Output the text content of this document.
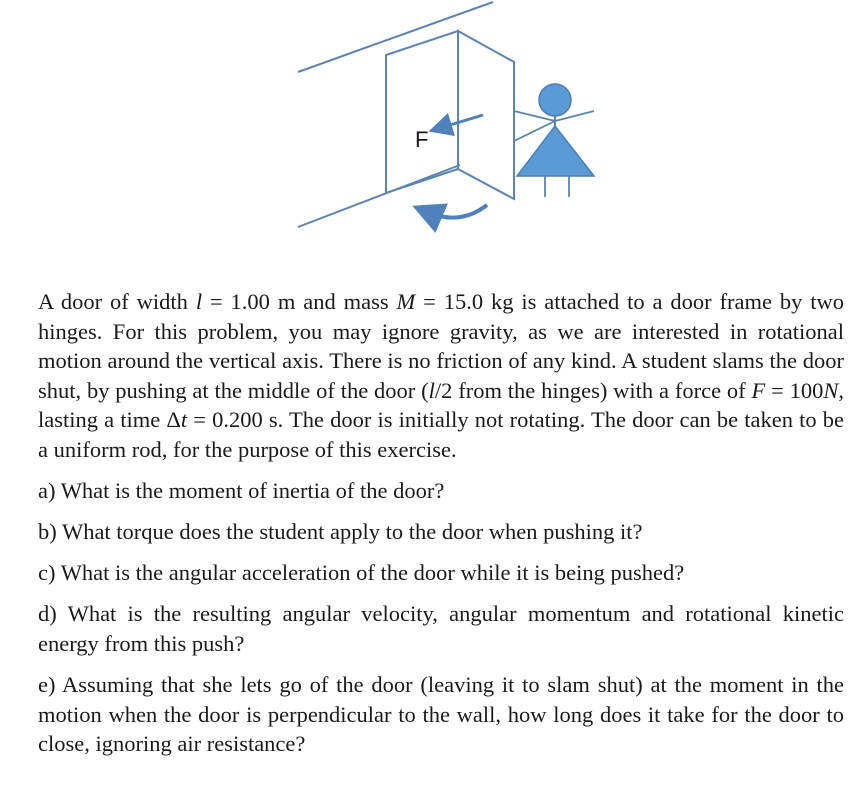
F

A door of width l = 1.00 m and mass M = 15.0 kg is attached to a door frame by two hinges. For this problem, you may ignore gravity, as we are interested in rotational motion around the vertical axis. There is no friction of any kind. A student slams the door shut, by pushing at the middle of the door (l/2 from the hinges) with a force of F = 100N, lasting a time Δt = 0.200 s. The door is initially not rotating. The door can be taken to be a uniform rod, for the purpose of this exercise.

a) What is the moment of inertia of the door?

b) What torque does the student apply to the door when pushing it?

c) What is the angular acceleration of the door while it is being pushed?

d) What is the resulting angular velocity, angular momentum and rotational kinetic energy from this push?

e) Assuming that she lets go of the door (leaving it to slam shut) at the moment in the motion when the door is perpendicular to the wall, how long does it take for the door to close, ignoring air resistance?
